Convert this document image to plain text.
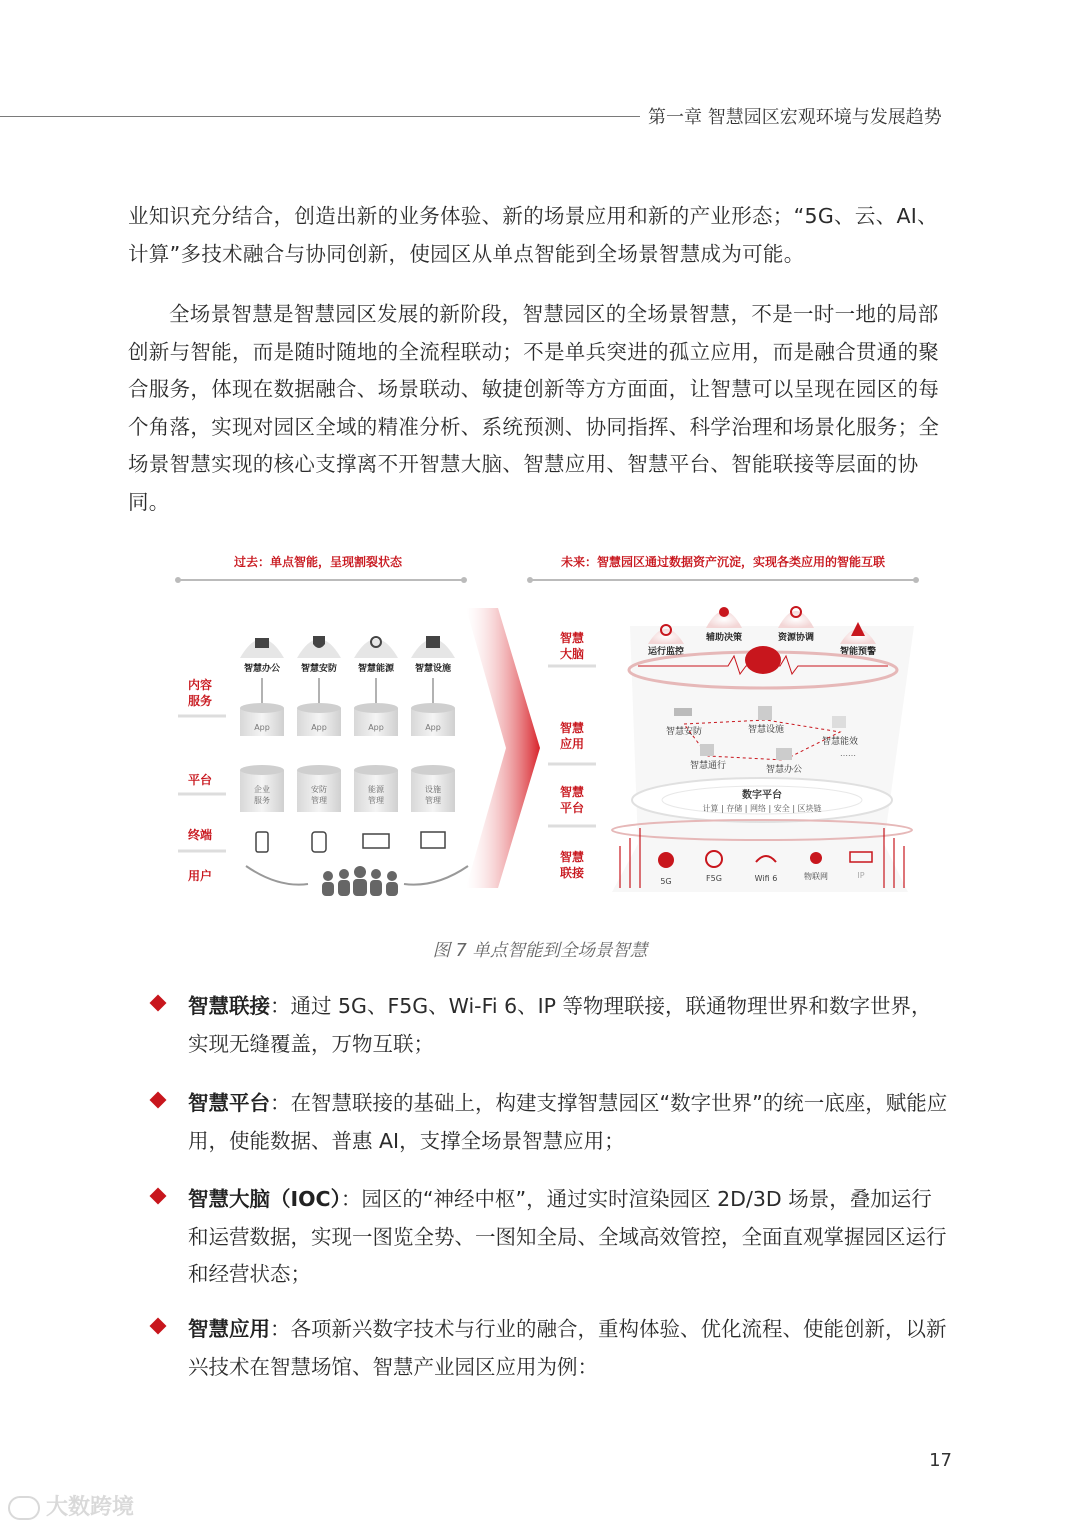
第一章 智慧园区宏观环境与发展趋势

业知识充分结合，创造出新的业务体验、新的场景应用和新的产业形态；“5G、云、AI、计算”多技术融合与协同创新，使园区从单点智能到全场景智慧成为可能。

全场景智慧是智慧园区发展的新阶段，智慧园区的全场景智慧，不是一时一地的局部创新与智能，而是随时随地的全流程联动；不是单兵突进的孤立应用，而是融合贯通的聚合服务，体现在数据融合、场景联动、敏捷创新等方方面面，让智慧可以呈现在园区的每个角落，实现对园区全域的精准分析、系统预测、协同指挥、科学治理和场景化服务；全场景智慧实现的核心支撑离不开智慧大脑、智慧应用、智慧平台、智能联接等层面的协同。

过去：单点智能，呈现割裂状态	未来：智慧园区通过数据资产沉淀，实现各类应用的智能互联
内容
服务
平台
终端
用户
智慧办公
App
企业
服务
智慧安防
App
安防
管理
智慧能源
App
能源
管理
智慧设施
App
设施
管理
智慧
大脑
智慧
应用
智慧
平台
智慧
联接
运行监控
辅助决策	资源协调
智能预警
智慧安防	智慧设施
智慧能效
智慧通行	智慧办公
……
数字平台
计算 | 存储 | 网络 | 安全 | 区块链
5G	F5G	Wifi 6	物联网	IP
图 7 单点智能到全场景智慧
智慧联接：通过 5G、F5G、Wi-Fi 6、IP 等物理联接，联通物理世界和数字世界，实现无缝覆盖，万物互联；
智慧平台：在智慧联接的基础上，构建支撑智慧园区“数字世界”的统一底座，赋能应用，使能数据、普惠 AI，支撑全场景智慧应用；
智慧大脑（IOC）：园区的“神经中枢”，通过实时渲染园区 2D/3D 场景，叠加运行和运营数据，实现一图览全势、一图知全局、全域高效管控，全面直观掌握园区运行和经营状态；
智慧应用：各项新兴数字技术与行业的融合，重构体验、优化流程、使能创新，以新兴技术在智慧场馆、智慧产业园区应用为例：
17
大数跨境
